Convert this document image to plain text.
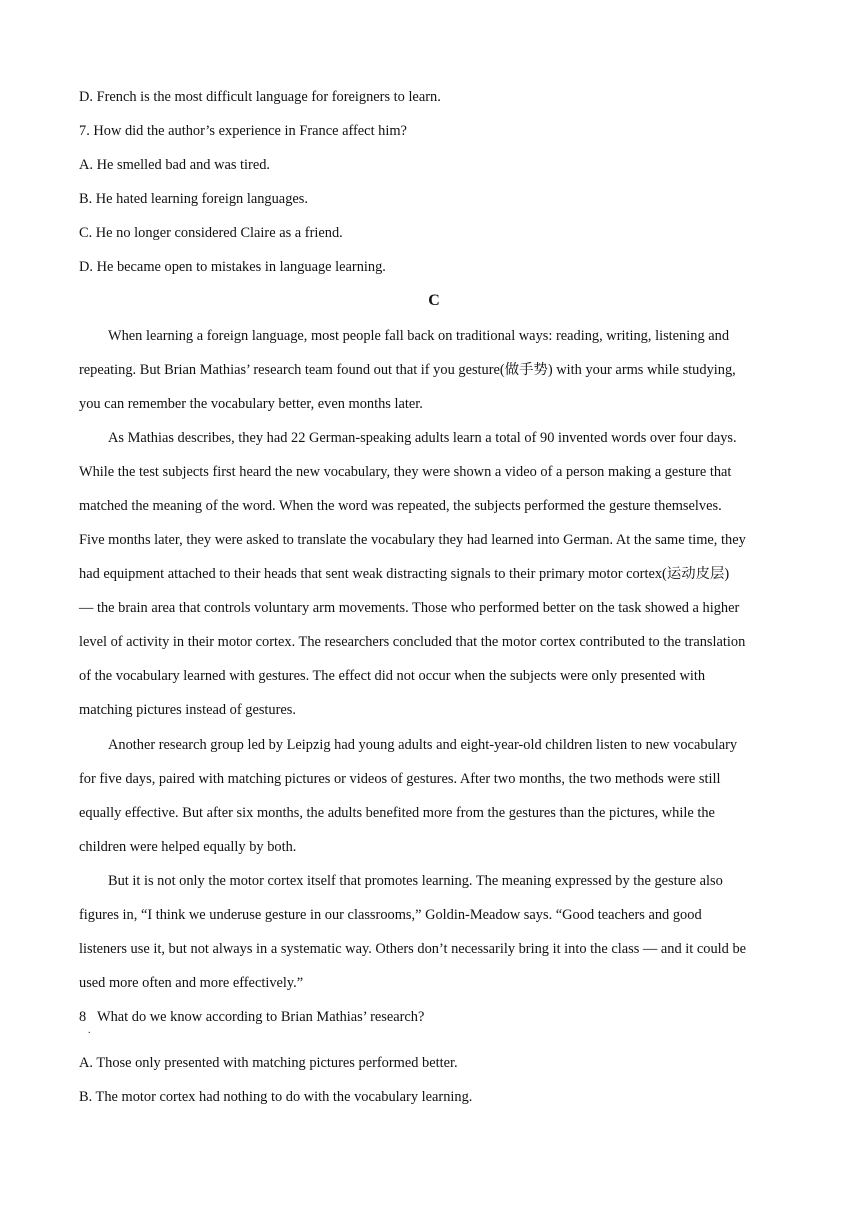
D. French is the most difficult language for foreigners to learn.

7. How did the author’s experience in France affect him?

A. He smelled bad and was tired.

B. He hated learning foreign languages.

C. He no longer considered Claire as a friend.

D. He became open to mistakes in language learning.

C

When learning a foreign language, most people fall back on traditional ways: reading, writing, listening and

repeating. But Brian Mathias’ research team found out that if you gesture(做手势) with your arms while studying,

you can remember the vocabulary better, even months later.

As Mathias describes, they had 22 German-speaking adults learn a total of 90 invented words over four days.

While the test subjects first heard the new vocabulary, they were shown a video of a person making a gesture that

matched the meaning of the word. When the word was repeated, the subjects performed the gesture themselves.

Five months later, they were asked to translate the vocabulary they had learned into German. At the same time, they

had equipment attached to their heads that sent weak distracting signals to their primary motor cortex(运动皮层)

— the brain area that controls voluntary arm movements. Those who performed better on the task showed a higher

level of activity in their motor cortex. The researchers concluded that the motor cortex contributed to the translation

of the vocabulary learned with gestures. The effect did not occur when the subjects were only presented with

matching pictures instead of gestures.

Another research group led by Leipzig had young adults and eight-year-old children listen to new vocabulary

for five days, paired with matching pictures or videos of gestures. After two months, the two methods were still

equally effective. But after six months, the adults benefited more from the gestures than the pictures, while the

children were helped equally by both.

But it is not only the motor cortex itself that promotes learning. The meaning expressed by the gesture also

figures in, “I think we underuse gesture in our classrooms,” Goldin-Meadow says. “Good teachers and good

listeners use it, but not always in a systematic way. Others don’t necessarily bring it into the class — and it could be

used more often and more effectively.”

8
.
What do we know according to Brian Mathias’ research?

A. Those only presented with matching pictures performed better.

B. The motor cortex had nothing to do with the vocabulary learning.
